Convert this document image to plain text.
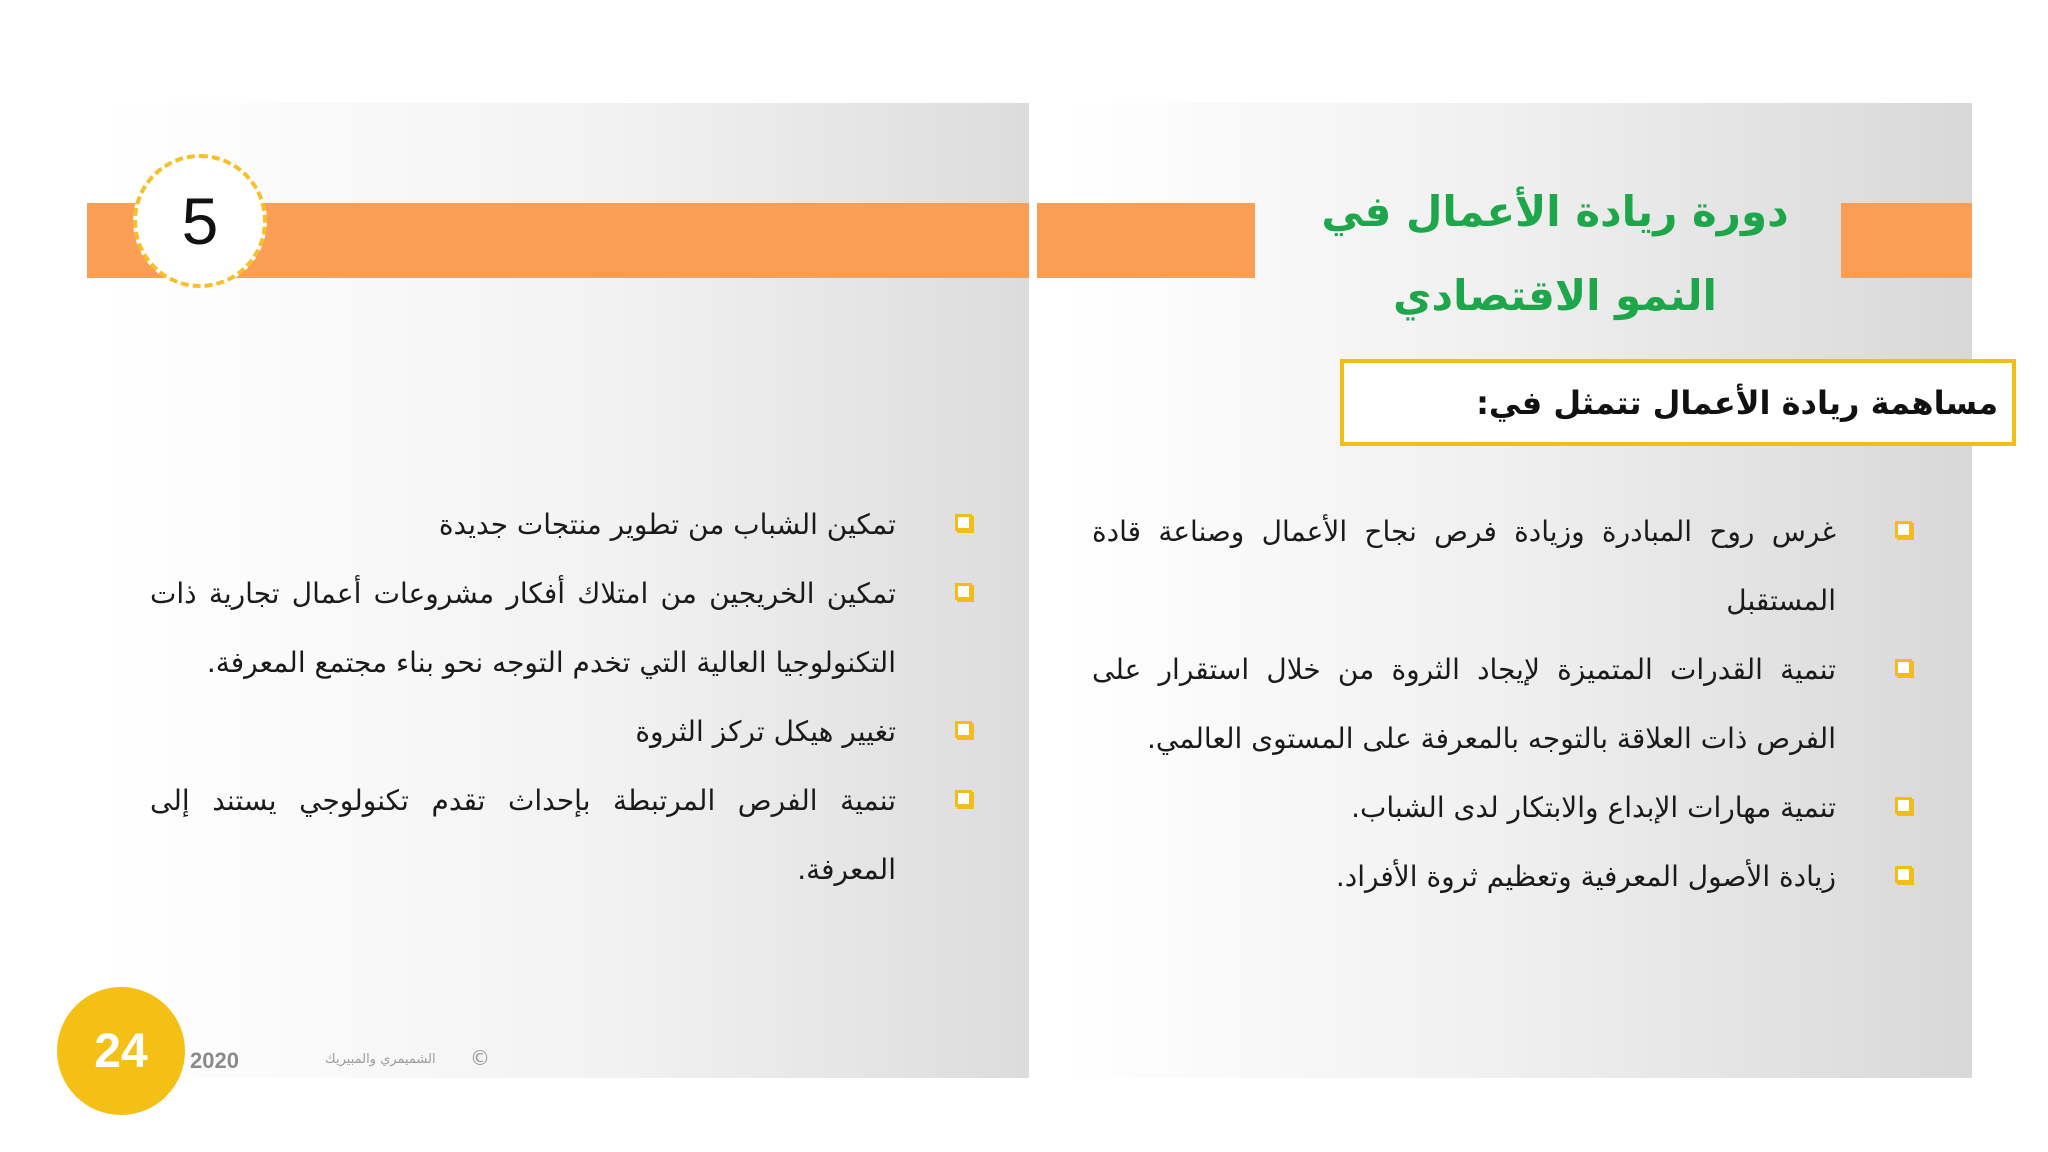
5	دورة ريادة الأعمال في النمو الاقتصادي
مساهمة ريادة الأعمال تتمثل في:
غرس روح المبادرة وزيادة فرص نجاح الأعمال وصناعة قادة المستقبل
تنمية القدرات المتميزة لإيجاد الثروة من خلال استقرار على الفرص ذات العلاقة بالتوجه بالمعرفة على المستوى العالمي.
تنمية مهارات الإبداع والابتكار لدى الشباب.
زيادة الأصول المعرفية وتعظيم ثروة الأفراد.
تمكين الشباب من تطوير منتجات جديدة
تمكين الخريجين من امتلاك أفكار مشروعات أعمال تجارية ذات التكنولوجيا العالية التي تخدم التوجه نحو بناء مجتمع المعرفة.
تغيير هيكل تركز الثروة
تنمية الفرص المرتبطة بإحداث تقدم تكنولوجي يستند إلى المعرفة.
24	2020	الشميمري والمبيريك ©
